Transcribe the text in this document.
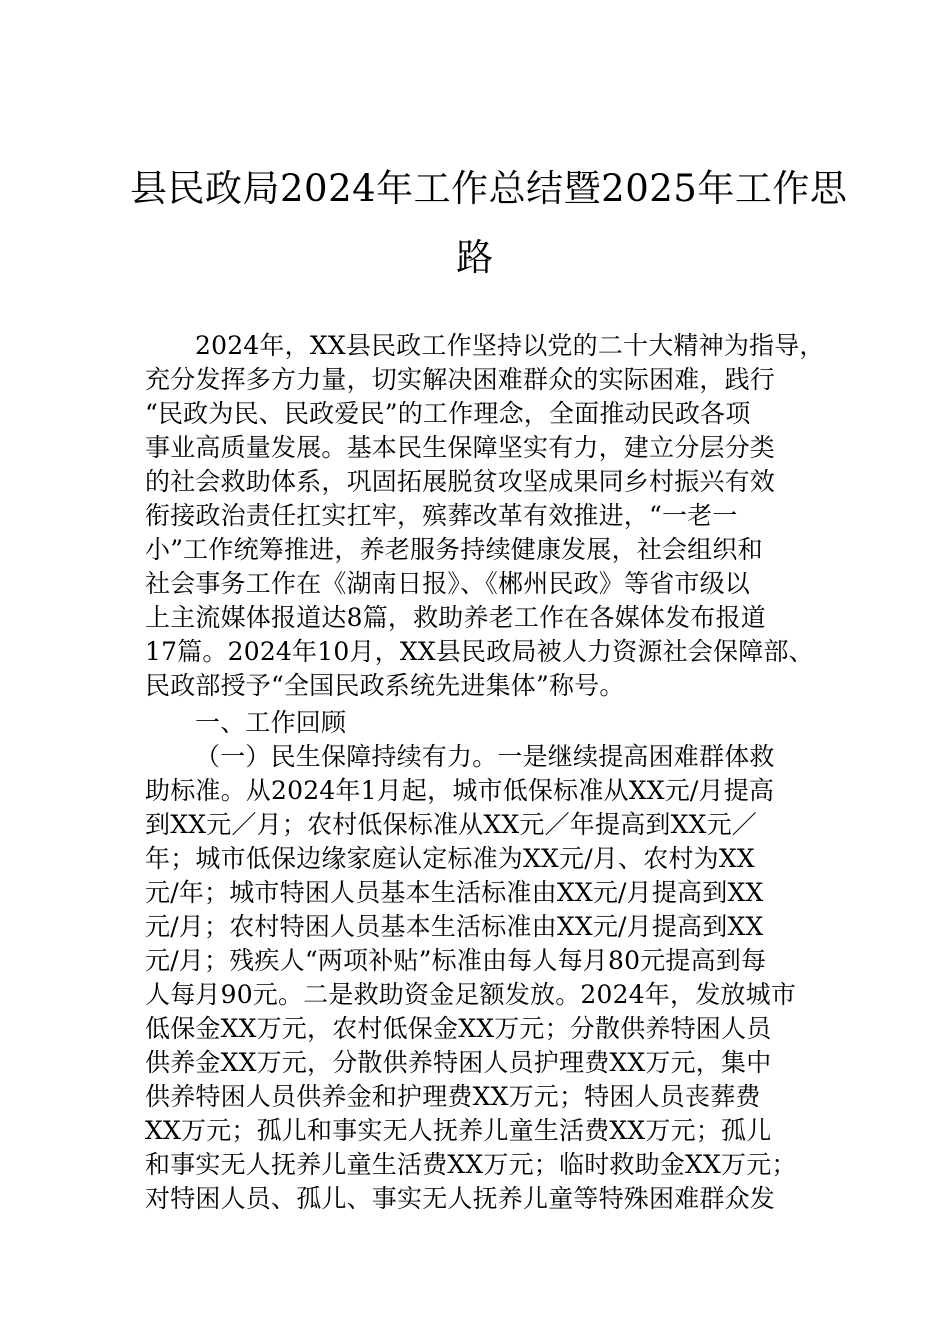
县民政局2024年工作总结暨2025年工作思
路
2024年，XX县民政工作坚持以党的二十大精神为指导，
充分发挥多方力量，切实解决困难群众的实际困难，践行
“民政为民、民政爱民”的工作理念，全面推动民政各项
事业高质量发展。基本民生保障坚实有力，建立分层分类
的社会救助体系，巩固拓展脱贫攻坚成果同乡村振兴有效
衔接政治责任扛实扛牢，殡葬改革有效推进，“一老一
小”工作统筹推进，养老服务持续健康发展，社会组织和
社会事务工作在《湖南日报》、《郴州民政》等省市级以
上主流媒体报道达8篇，救助养老工作在各媒体发布报道
17篇。2024年10月，XX县民政局被人力资源社会保障部、
民政部授予“全国民政系统先进集体”称号。
一、工作回顾
（一）民生保障持续有力。一是继续提高困难群体救
助标准。从2024年1月起，城市低保标准从XX元/月提高
到XX元／月；农村低保标准从XX元／年提高到XX元／
年；城市低保边缘家庭认定标准为XX元/月、农村为XX
元/年；城市特困人员基本生活标准由XX元/月提高到XX
元/月；农村特困人员基本生活标准由XX元/月提高到XX
元/月；残疾人“两项补贴”标准由每人每月80元提高到每
人每月90元。二是救助资金足额发放。2024年，发放城市
低保金XX万元，农村低保金XX万元；分散供养特困人员
供养金XX万元，分散供养特困人员护理费XX万元，集中
供养特困人员供养金和护理费XX万元；特困人员丧葬费
XX万元；孤儿和事实无人抚养儿童生活费XX万元；孤儿
和事实无人抚养儿童生活费XX万元；临时救助金XX万元；
对特困人员、孤儿、事实无人抚养儿童等特殊困难群众发
